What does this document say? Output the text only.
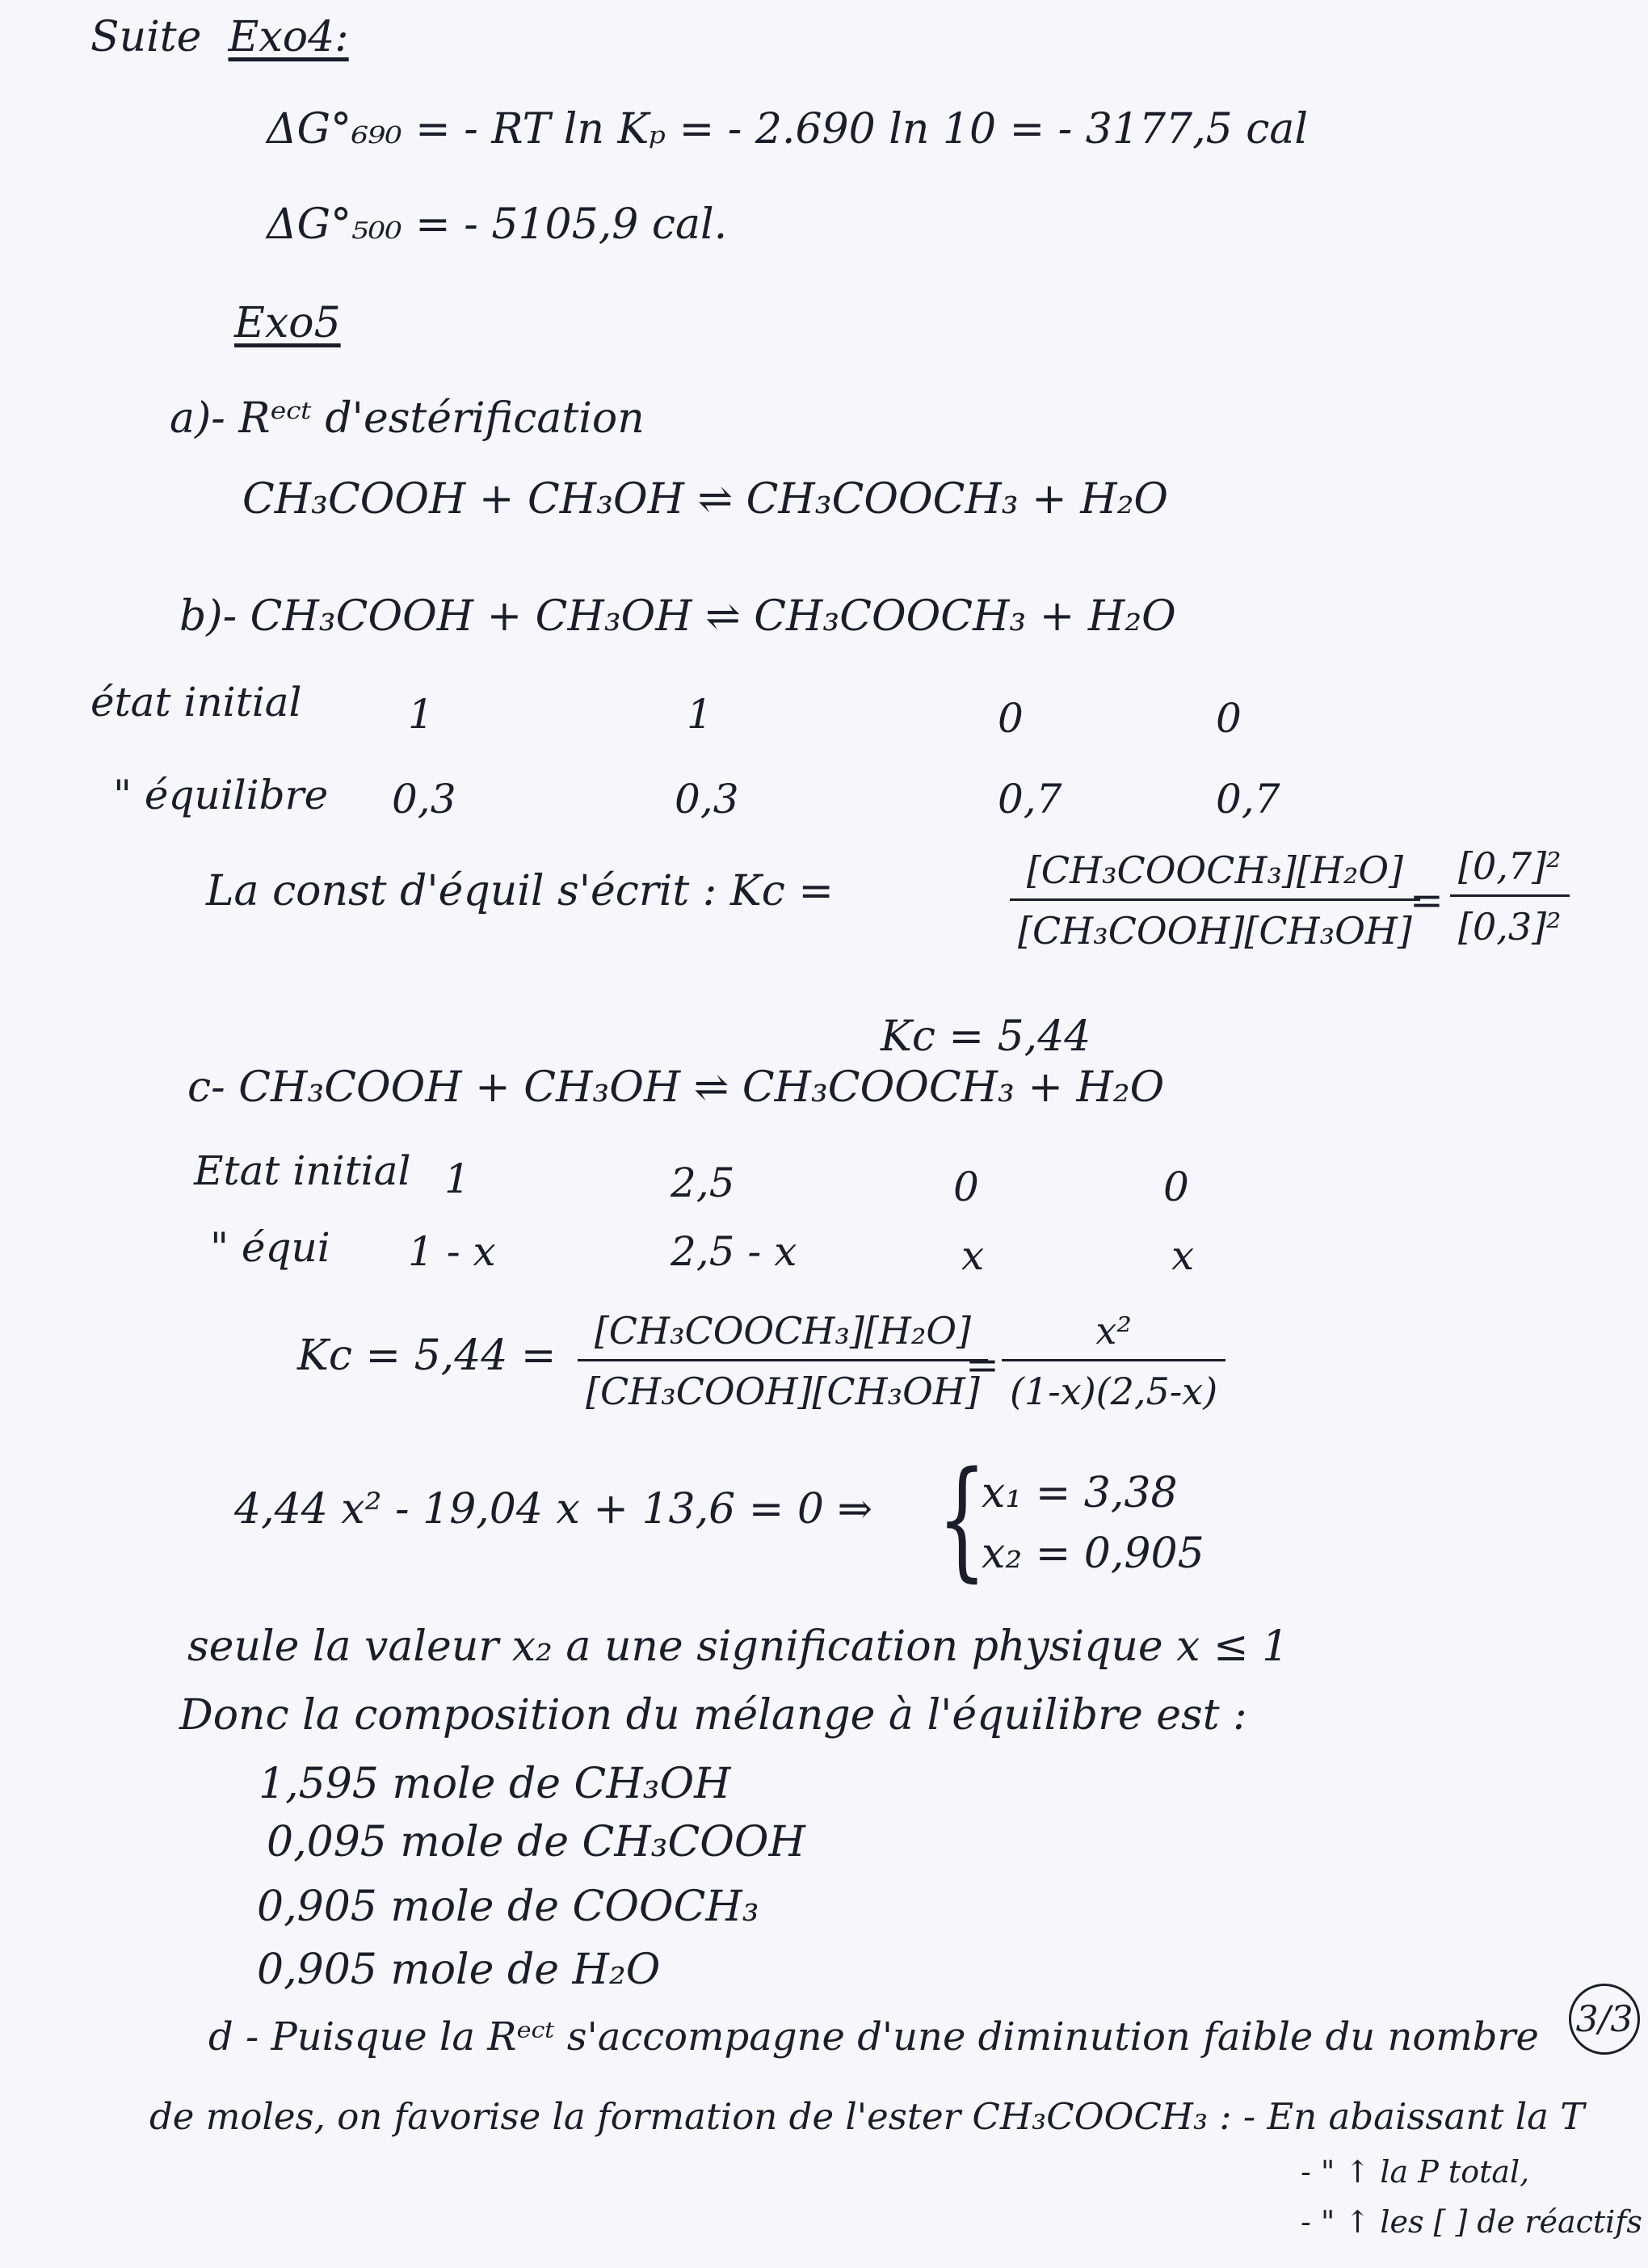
Suite Exo4:
ΔG°₆₉₀ = - RT ln Kₚ = - 2.690 ln 10 = - 3177,5 cal
ΔG°₅₀₀ = - 5105,9 cal.
Exo5
a)- Rᵉᶜᵗ d'estérification
CH₃COOH + CH₃OH ⇌ CH₃COOCH₃ + H₂O
b)- CH₃COOH + CH₃OH ⇌ CH₃COOCH₃ + H₂O
état initial	1	1	0	0
" équilibre 0,3	0,3	0,7	0,7
La const d'équil s'écrit : Kc =	[CH₃COOCH₃][H₂O]
[CH₃COOH][CH₃OH]
=
[0,7]²
[0,3]²
Kc = 5,44
c- CH₃COOH + CH₃OH ⇌ CH₃COOCH₃ + H₂O
Etat initial 1	2,5	0	0
" équi 1 - x	2,5 - x	x	x
Kc = 5,44 =
[CH₃COOCH₃][H₂O]
[CH₃COOH][CH₃OH]
=
x²
(1-x)(2,5-x)
4,44 x² - 19,04 x + 13,6 = 0 ⇒ {
x₁ = 3,38
x₂ = 0,905
seule la valeur x₂ a une signification physique x ≤ 1
Donc la composition du mélange à l'équilibre est :
1,595 mole de CH₃OH
0,095 mole de CH₃COOH
0,905 mole de COOCH₃
0,905 mole de H₂O
d - Puisque la Rᵉᶜᵗ s'accompagne d'une diminution faible du nombre
de moles, on favorise la formation de l'ester CH₃COOCH₃ : - En abaissant la T
- " ↑ la P total,
- " ↑ les [ ] de réactifs
3/3
